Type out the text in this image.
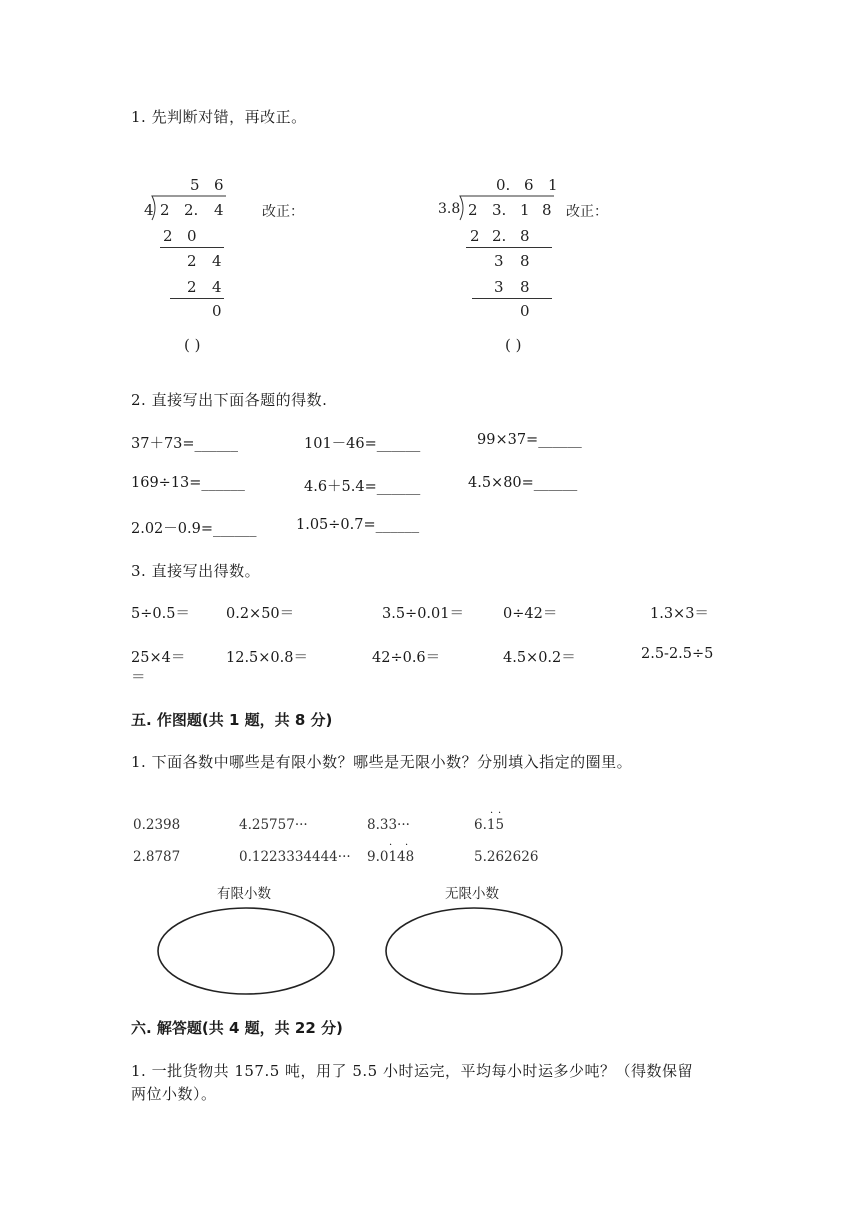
1. 先判断对错，再改正。
5 6
4 2 2. 4
2 0
2 4
2 4
0
( )
改正：
0. 6 1
3.8 2 3. 1 8
2 2. 8
3 8
3 8
0
( )
改正：
2. 直接写出下面各题的得数.
37＋73=______	101－46=______	99×37=______
169÷13=______	4.6＋5.4=______	4.5×80=______
2.02－0.9=______	1.05÷0.7=______
3. 直接写出得数。
5÷0.5＝ 0.2×50＝	3.5÷0.01＝	0÷42＝	1.3×3＝
25×4＝	12.5×0.8＝	42÷0.6＝	4.5×0.2＝	2.5-2.5÷5
＝
五. 作图题(共 1 题，共 8 分)
1. 下面各数中哪些是有限小数？哪些是无限小数？分别填入指定的圈里。
0.2398	4.25757···	8.33···	6.15
· ·
2.8787	0.1223334444··· 9.0148
· ·
5.262626
有限小数	无限小数
六. 解答题(共 4 题，共 22 分)
1. 一批货物共 157.5 吨，用了 5.5 小时运完，平均每小时运多少吨？（得数保留
两位小数）。
